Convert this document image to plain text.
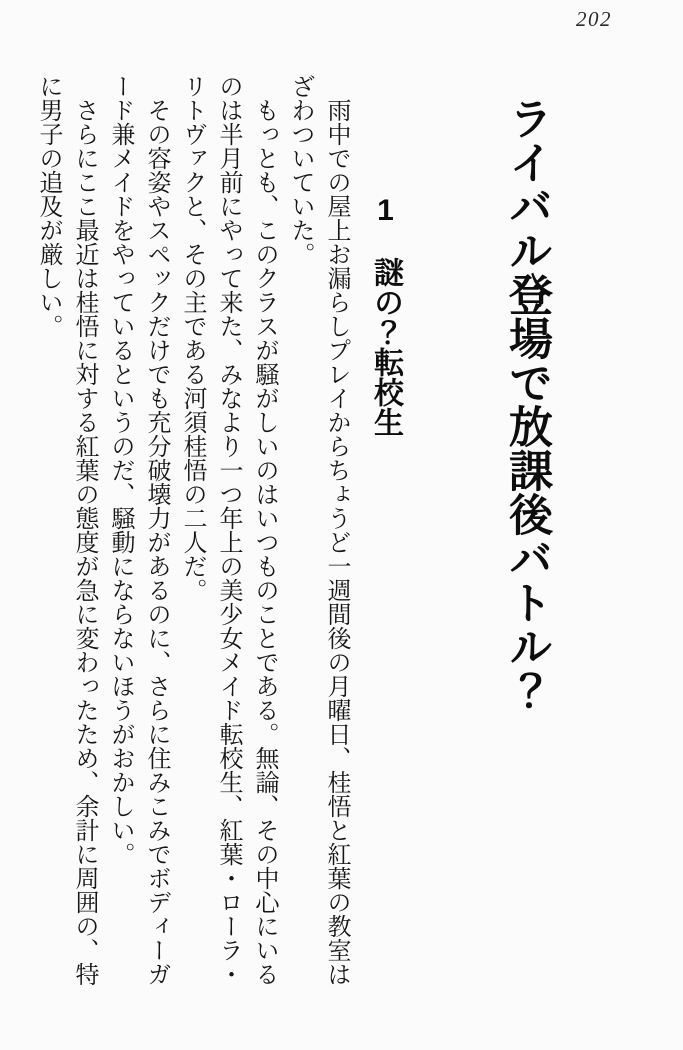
202
ライバル登場で放課後バトル？
1　謎の？転校生

　雨中での屋上お漏らしプレイからちょうど一週間後の月曜日、桂悟と紅葉の教室はざわついていた。

　もっとも、このクラスが騒がしいのはいつものことである。無論、その中心にいるのは半月前にやって来た、みなより一つ年上の美少女メイド転校生、紅葉・ローラ・リトヴァクと、その主である河須桂悟の二人だ。

　その容姿やスペックだけでも充分破壊力があるのに、さらに住みこみでボディーガード兼メイドをやっているというのだ、騒動にならないほうがおかしい。

　さらにここ最近は桂悟に対する紅葉の態度が急に変わったため、余計に周囲の、特に男子の追及が厳しい。
